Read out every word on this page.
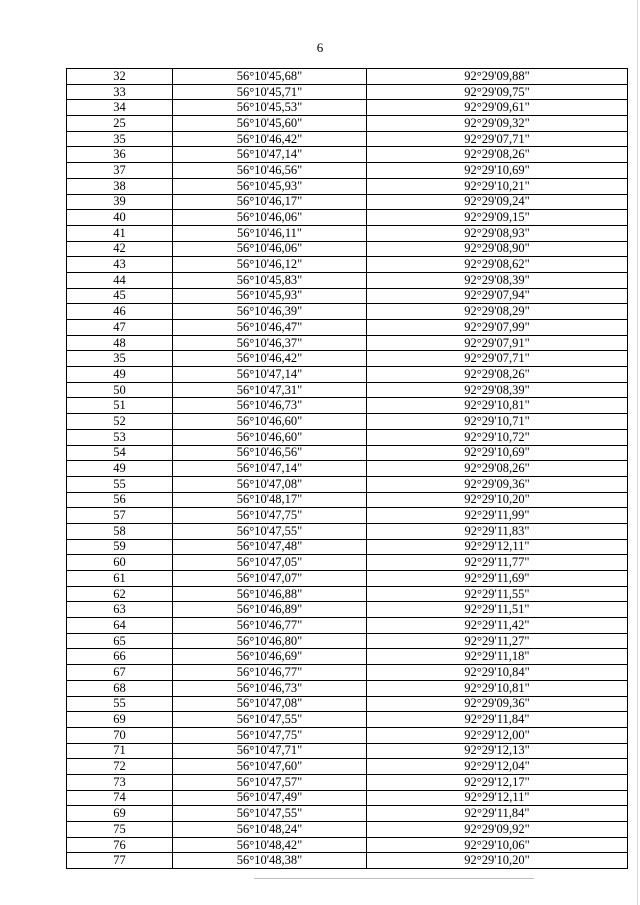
6
32	56°10'45,68"	92°29'09,88"
33	56°10'45,71"	92°29'09,75"
34	56°10'45,53"	92°29'09,61"
25	56°10'45,60"	92°29'09,32"
35	56°10'46,42"	92°29'07,71"
36	56°10'47,14"	92°29'08,26"
37	56°10'46,56"	92°29'10,69"
38	56°10'45,93"	92°29'10,21"
39	56°10'46,17"	92°29'09,24"
40	56°10'46,06"	92°29'09,15"
41	56°10'46,11"	92°29'08,93"
42	56°10'46,06"	92°29'08,90"
43	56°10'46,12"	92°29'08,62"
44	56°10'45,83"	92°29'08,39"
45	56°10'45,93"	92°29'07,94"
46	56°10'46,39"	92°29'08,29"
47	56°10'46,47"	92°29'07,99"
48	56°10'46,37"	92°29'07,91"
35	56°10'46,42"	92°29'07,71"
49	56°10'47,14"	92°29'08,26"
50	56°10'47,31"	92°29'08,39"
51	56°10'46,73"	92°29'10,81"
52	56°10'46,60"	92°29'10,71"
53	56°10'46,60"	92°29'10,72"
54	56°10'46,56"	92°29'10,69"
49	56°10'47,14"	92°29'08,26"
55	56°10'47,08"	92°29'09,36"
56	56°10'48,17"	92°29'10,20"
57	56°10'47,75"	92°29'11,99"
58	56°10'47,55"	92°29'11,83"
59	56°10'47,48"	92°29'12,11"
60	56°10'47,05"	92°29'11,77"
61	56°10'47,07"	92°29'11,69"
62	56°10'46,88"	92°29'11,55"
63	56°10'46,89"	92°29'11,51"
64	56°10'46,77"	92°29'11,42"
65	56°10'46,80"	92°29'11,27"
66	56°10'46,69"	92°29'11,18"
67	56°10'46,77"	92°29'10,84"
68	56°10'46,73"	92°29'10,81"
55	56°10'47,08"	92°29'09,36"
69	56°10'47,55"	92°29'11,84"
70	56°10'47,75"	92°29'12,00"
71	56°10'47,71"	92°29'12,13"
72	56°10'47,60"	92°29'12,04"
73	56°10'47,57"	92°29'12,17"
74	56°10'47,49"	92°29'12,11"
69	56°10'47,55"	92°29'11,84"
75	56°10'48,24"	92°29'09,92"
76	56°10'48,42"	92°29'10,06"
77	56°10'48,38"	92°29'10,20"
